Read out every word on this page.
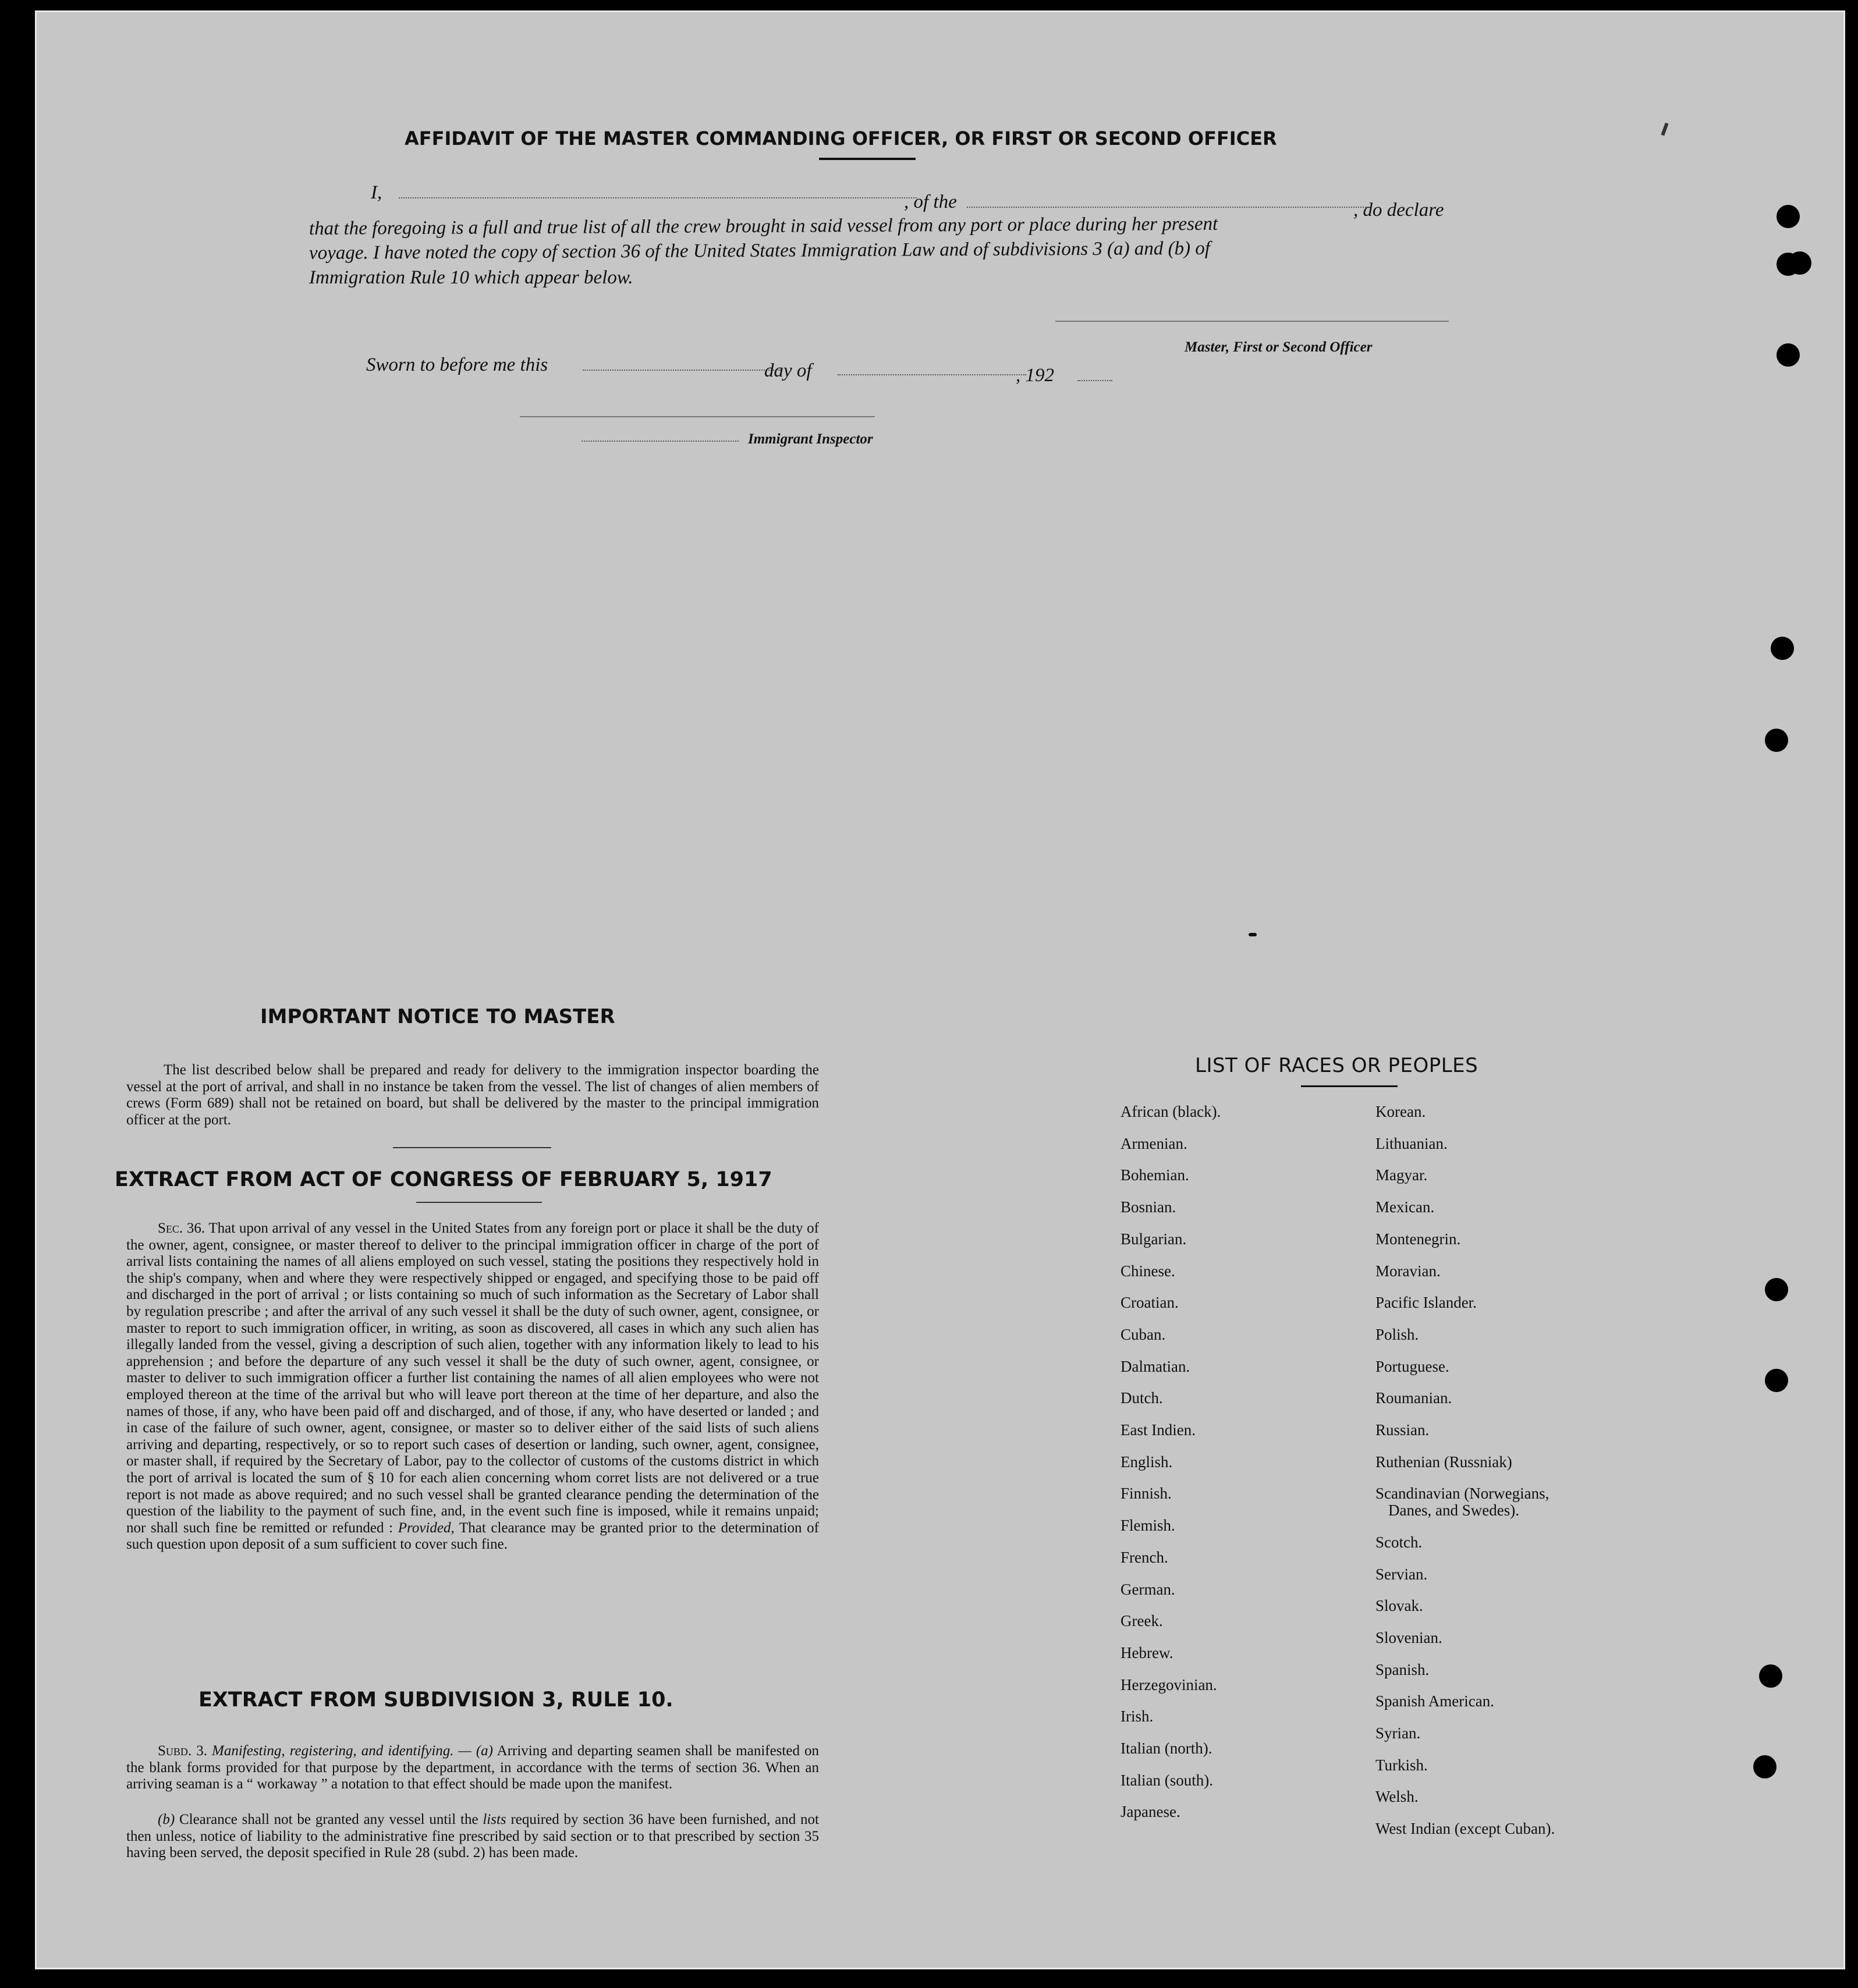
AFFIDAVIT OF THE MASTER COMMANDING OFFICER, OR FIRST OR SECOND OFFICER
I,	, of the	, do declare
that the foregoing is a full and true list of all the crew brought in said vessel from any port or place during her present
voyage. I have noted the copy of section 36 of the United States Immigration Law and of subdivisions 3 (a) and (b) of
Immigration Rule 10 which appear below.
Master, First or Second Officer
Sworn to before me this	day of	, 192
Immigrant Inspector
IMPORTANT NOTICE TO MASTER
The list described below shall be prepared and ready for delivery to the immigration inspector boarding the vessel at the port of arrival, and shall in no instance be taken from the vessel. The list of changes of alien members of crews (Form 689) shall not be retained on board, but shall be delivered by the master to the principal immigration officer at the port.
EXTRACT FROM ACT OF CONGRESS OF FEBRUARY 5, 1917
Sec. 36. That upon arrival of any vessel in the United States from any foreign port or place it shall be the duty of the owner, agent, consignee, or master thereof to deliver to the principal immigration officer in charge of the port of arrival lists containing the names of all aliens employed on such vessel, stating the positions they respectively hold in the ship's company, when and where they were respectively shipped or engaged, and specifying those to be paid off and discharged in the port of arrival ; or lists containing so much of such information as the Secretary of Labor shall by regulation prescribe ; and after the arrival of any such vessel it shall be the duty of such owner, agent, consignee, or master to report to such immigration officer, in writing, as soon as discovered, all cases in which any such alien has illegally landed from the vessel, giving a description of such alien, together with any information likely to lead to his apprehension ; and before the departure of any such vessel it shall be the duty of such owner, agent, consignee, or master to deliver to such immigration officer a further list containing the names of all alien employees who were not employed thereon at the time of the arrival but who will leave port thereon at the time of her departure, and also the names of those, if any, who have been paid off and discharged, and of those, if any, who have deserted or landed ; and in case of the failure of such owner, agent, consignee, or master so to deliver either of the said lists of such aliens arriving and departing, respectively, or so to report such cases of desertion or landing, such owner, agent, consignee, or master shall, if required by the Secretary of Labor, pay to the collector of customs of the customs district in which the port of arrival is located the sum of § 10 for each alien concerning whom corret lists are not delivered or a true report is not made as above required; and no such vessel shall be granted clearance pending the determination of the question of the liability to the payment of such fine, and, in the event such fine is imposed, while it remains unpaid; nor shall such fine be remitted or refunded : Provided, That clearance may be granted prior to the determination of such question upon deposit of a sum sufficient to cover such fine.
EXTRACT FROM SUBDIVISION 3, RULE 10.
Subd. 3. Manifesting, registering, and identifying. — (a) Arriving and departing seamen shall be manifested on the blank forms provided for that purpose by the department, in accordance with the terms of section 36. When an arriving seaman is a “ workaway ” a notation to that effect should be made upon the manifest.
(b) Clearance shall not be granted any vessel until the lists required by section 36 have been furnished, and not then unless, notice of liability to the administrative fine prescribed by said section or to that prescribed by section 35 having been served, the deposit specified in Rule 28 (subd. 2) has been made.
LIST OF RACES OR PEOPLES
African (black).
Armenian.
Bohemian.
Bosnian.
Bulgarian.
Chinese.
Croatian.
Cuban.
Dalmatian.
Dutch.
East Indien.
English.
Finnish.
Flemish.
French.
German.
Greek.
Hebrew.
Herzegovinian.
Irish.
Italian (north).
Italian (south).
Japanese.
Korean.
Lithuanian.
Magyar.
Mexican.
Montenegrin.
Moravian.
Pacific Islander.
Polish.
Portuguese.
Roumanian.
Russian.
Ruthenian (Russniak)
Scandinavian (Norwegians,
Danes, and Swedes).
Scotch.
Servian.
Slovak.
Slovenian.
Spanish.
Spanish American.
Syrian.
Turkish.
Welsh.
West Indian (except Cuban).
